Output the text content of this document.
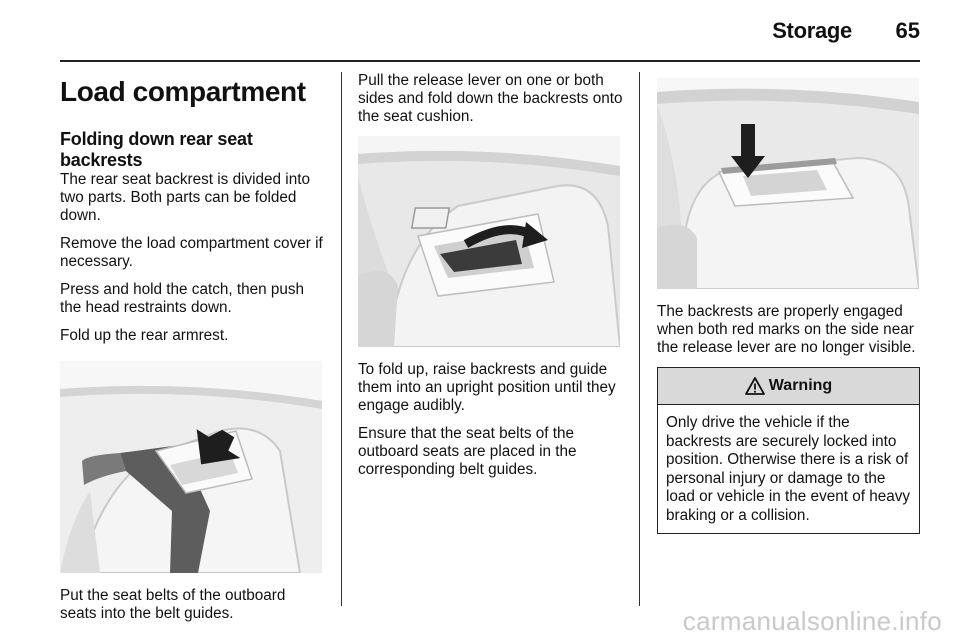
Storage	65
Load compartment
Folding down rear seat backrests

The rear seat backrest is divided into two parts. Both parts can be folded down.

Remove the load compartment cover if necessary.

Press and hold the catch, then push the head restraints down.

Fold up the rear armrest.

Put the seat belts of the outboard seats into the belt guides.

Pull the release lever on one or both sides and fold down the backrests onto the seat cushion.

To fold up, raise backrests and guide them into an upright position until they engage audibly.

Ensure that the seat belts of the outboard seats are placed in the corresponding belt guides.

The backrests are properly engaged when both red marks on the side near the release lever are no longer visible.

Warning
Only drive the vehicle if the backrests are securely locked into position. Otherwise there is a risk of personal injury or damage to the load or vehicle in the event of heavy braking or a collision.
carmanualsonline.info
